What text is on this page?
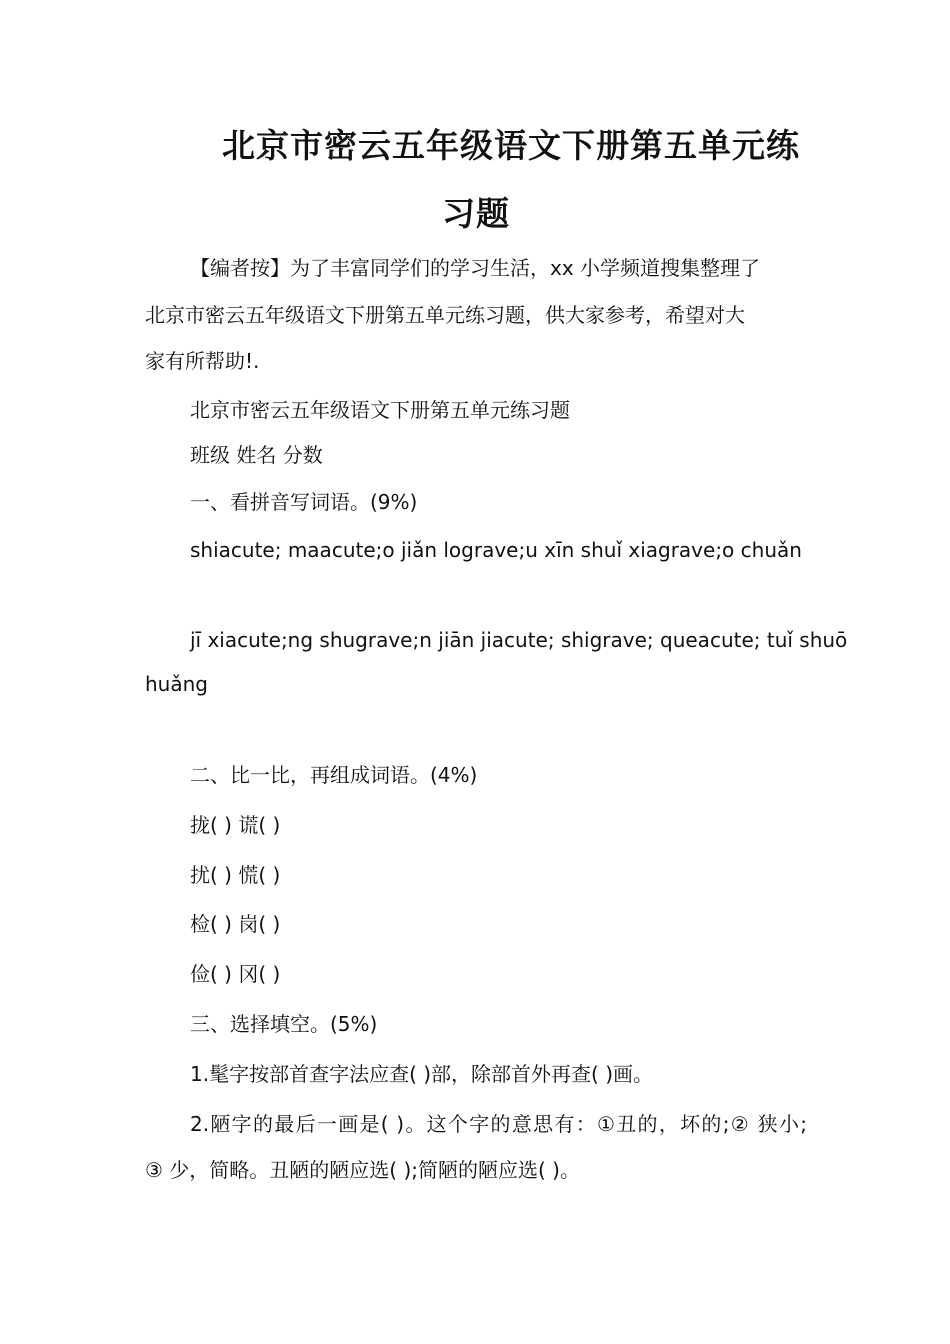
北京市密云五年级语文下册第五单元练
习题
【编者按】为了丰富同学们的学习生活，xx 小学频道搜集整理了
北京市密云五年级语文下册第五单元练习题，供大家参考，希望对大
家有所帮助!.
北京市密云五年级语文下册第五单元练习题
班级 姓名 分数
一、看拼音写词语。(9%)
shiacute; maacute;o jiǎn lograve;u xīn shuǐ xiagrave;o chuǎn
jī xiacute;ng shugrave;n jiān jiacute; shigrave; queacute; tuǐ shuō
huǎng
二、比一比，再组成词语。(4%)
拢( ) 谎( )
扰( ) 慌( )
检( ) 岗( )
俭( ) 冈( )
三、选择填空。(5%)
1.髦字按部首查字法应查( )部，除部首外再查( )画。
2.陋字的最后一画是( )。这个字的意思有：①丑的，坏的;② 狭小;
③ 少，简略。丑陋的陋应选( );简陋的陋应选( )。
